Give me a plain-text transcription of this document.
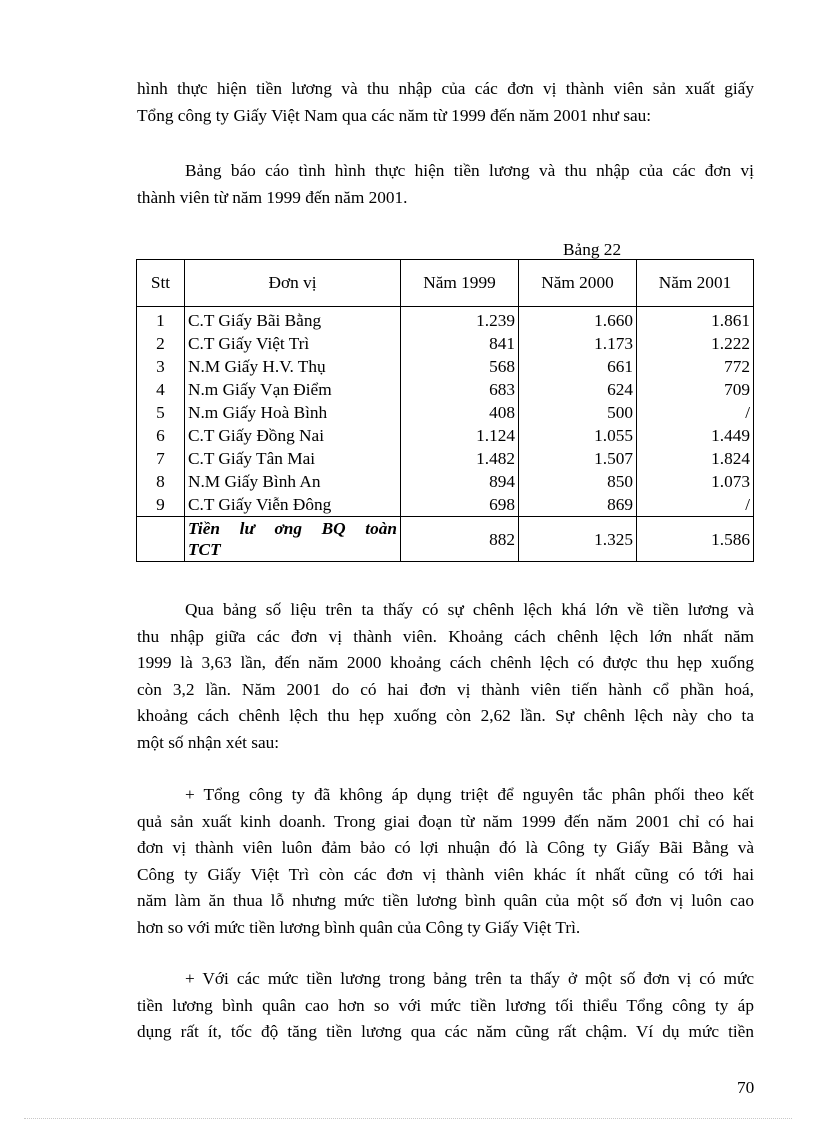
hình thực hiện tiền lương và thu nhập của các đơn vị thành viên sản xuất giấy
Tổng công ty Giấy Việt Nam qua các năm từ 1999 đến năm 2001 như sau:
Bảng báo cáo tình hình thực hiện tiền lương và thu nhập của các đơn vị
thành viên từ năm 1999 đến năm 2001.

Bảng 22

Stt	Đơn vị	Năm 1999	Năm 2000	Năm 2001
1	C.T Giấy Bãi Bằng	1.239	1.660	1.861
2	C.T Giấy Việt Trì	841	1.173	1.222
3	N.M Giấy H.V. Thụ	568	661	772
4	N.m Giấy Vạn Điểm	683	624	709
5	N.m Giấy Hoà Bình	408	500	/
6	C.T Giấy Đồng Nai	1.124	1.055	1.449
7	C.T Giấy Tân Mai	1.482	1.507	1.824
8	N.M Giấy Bình An	894	850	1.073
9	C.T Giấy Viễn Đông	698	869	/
	Tiền lư ơng BQ toàn TCT	882	1.325	1.586
Qua bảng số liệu trên ta thấy có sự chênh lệch khá lớn về tiền lương và
thu nhập giữa các đơn vị thành viên. Khoảng cách chênh lệch lớn nhất năm
1999 là 3,63 lần, đến năm 2000 khoảng cách chênh lệch có được thu hẹp xuống
còn 3,2 lần. Năm 2001 do có hai đơn vị thành viên tiến hành cổ phần hoá,
khoảng cách chênh lệch thu hẹp xuống còn 2,62 lần. Sự chênh lệch này cho ta
một số nhận xét sau:
+ Tổng công ty đã không áp dụng triệt để nguyên tắc phân phối theo kết
quả sản xuất kinh doanh. Trong giai đoạn từ năm 1999 đến năm 2001 chỉ có hai
đơn vị thành viên luôn đảm bảo có lợi nhuận đó là Công ty Giấy Bãi Bằng và
Công ty Giấy Việt Trì còn các đơn vị thành viên khác ít nhất cũng có tới hai
năm làm ăn thua lỗ nhưng mức tiền lương bình quân của một số đơn vị luôn cao
hơn so với mức tiền lương bình quân của Công ty Giấy Việt Trì.
+ Với các mức tiền lương trong bảng trên ta thấy ở một số đơn vị có mức
tiền lương bình quân cao hơn so với mức tiền lương tối thiểu Tổng công ty áp
dụng rất ít, tốc độ tăng tiền lương qua các năm cũng rất chậm. Ví dụ mức tiền

70
